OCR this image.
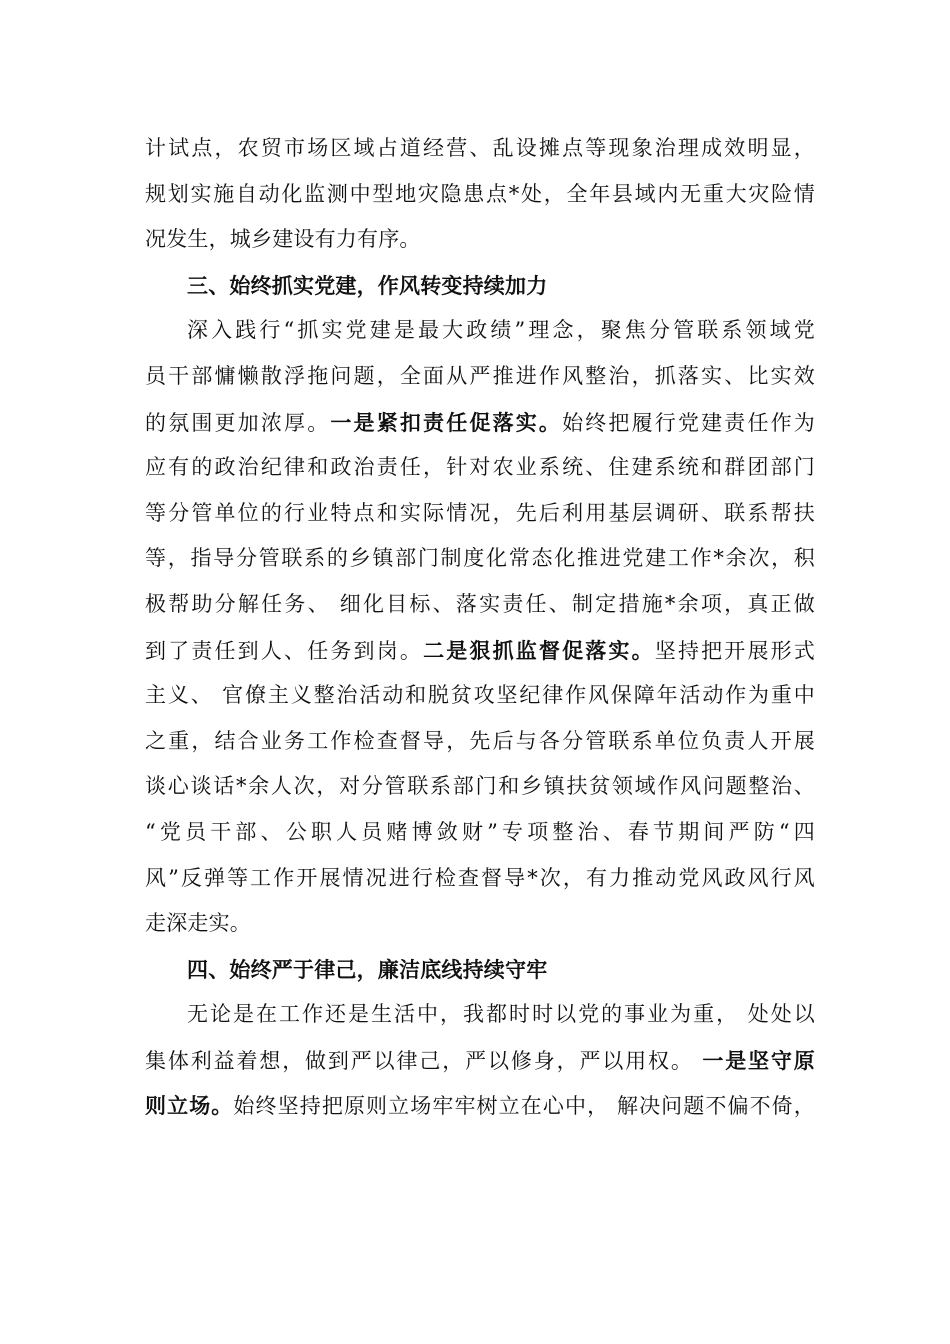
计试点，农贸市场区域占道经营、乱设摊点等现象治理成效明显，
规划实施自动化监测中型地灾隐患点*处，全年县域内无重大灾险情
况发生，城乡建设有力有序。
三、始终抓实党建，作风转变持续加力
深入践行“抓实党建是最大政绩”理念，聚焦分管联系领域党
员干部慵懒散浮拖问题，全面从严推进作风整治，抓落实、比实效
的氛围更加浓厚。一是紧扣责任促落实。始终把履行党建责任作为
应有的政治纪律和政治责任，针对农业系统、住建系统和群团部门
等分管单位的行业特点和实际情况，先后利用基层调研、联系帮扶
等，指导分管联系的乡镇部门制度化常态化推进党建工作*余次，积
极帮助分解任务、 细化目标、落实责任、制定措施*余项，真正做
到了责任到人、任务到岗。二是狠抓监督促落实。坚持把开展形式
主义、 官僚主义整治活动和脱贫攻坚纪律作风保障年活动作为重中
之重，结合业务工作检查督导，先后与各分管联系单位负责人开展
谈心谈话*余人次，对分管联系部门和乡镇扶贫领域作风问题整治、
“党员干部、公职人员赌博敛财”专项整治、春节期间严防“四
风”反弹等工作开展情况进行检查督导*次，有力推动党风政风行风
走深走实。
四、始终严于律己，廉洁底线持续守牢
无论是在工作还是生活中，我都时时以党的事业为重， 处处以
集体利益着想，做到严以律己，严以修身，严以用权。 一是坚守原
则立场。始终坚持把原则立场牢牢树立在心中， 解决问题不偏不倚，
